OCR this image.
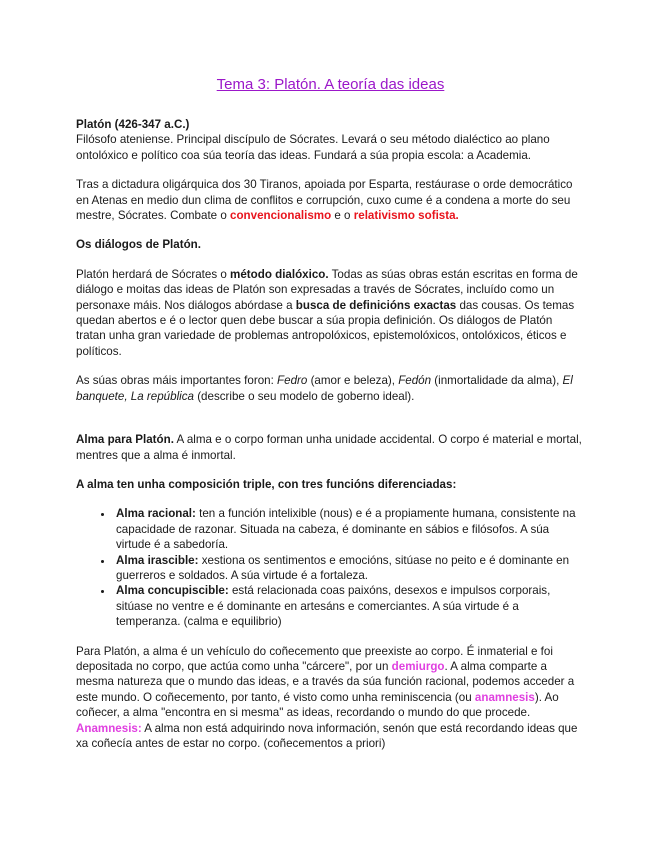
Tema 3: Platón. A teoría das ideas

Platón (426-347 a.C.)
Filósofo ateniense. Principal discípulo de Sócrates. Levará o seu método dialéctico ao plano ontolóxico e político coa súa teoría das ideas. Fundará a súa propia escola: a Academia.

Tras a dictadura oligárquica dos 30 Tiranos, apoiada por Esparta, restáurase o orde democrático en Atenas en medio dun clima de conflitos e corrupción, cuxo cume é a condena a morte do seu mestre, Sócrates. Combate o convencionalismo e o relativismo sofista.

Os diálogos de Platón.

Platón herdará de Sócrates o método dialóxico. Todas as súas obras están escritas en forma de diálogo e moitas das ideas de Platón son expresadas a través de Sócrates, incluído como un personaxe máis. Nos diálogos abórdase a busca de definicións exactas das cousas. Os temas quedan abertos e é o lector quen debe buscar a súa propia definición. Os diálogos de Platón tratan unha gran variedade de problemas antropolóxicos, epistemolóxicos, ontolóxicos, éticos e políticos.

As súas obras máis importantes foron: Fedro (amor e beleza), Fedón (inmortalidade da alma), El banquete, La república (describe o seu modelo de goberno ideal).

Alma para Platón. A alma e o corpo forman unha unidade accidental. O corpo é material e mortal, mentres que a alma é inmortal.

A alma ten unha composición triple, con tres funcións diferenciadas:

• Alma racional: ten a función intelixible (nous) e é a propiamente humana, consistente na capacidade de razonar. Situada na cabeza, é dominante en sábios e filósofos. A súa virtude é a sabedoría.
• Alma irascible: xestiona os sentimentos e emocións, sitúase no peito e é dominante en guerreros e soldados. A súa virtude é a fortaleza.
• Alma concupiscible: está relacionada coas paixóns, desexos e impulsos corporais, sitúase no ventre e é dominante en artesáns e comerciantes. A súa virtude é a temperanza. (calma e equilibrio)

Para Platón, a alma é un vehículo do coñecemento que preexiste ao corpo. É inmaterial e foi depositada no corpo, que actúa como unha "cárcere", por un demiurgo. A alma comparte a mesma natureza que o mundo das ideas, e a través da súa función racional, podemos acceder a este mundo. O coñecemento, por tanto, é visto como unha reminiscencia (ou anamnesis). Ao coñecer, a alma "encontra en si mesma" as ideas, recordando o mundo do que procede.
Anamnesis: A alma non está adquirindo nova información, senón que está recordando ideas que xa coñecía antes de estar no corpo. (coñecementos a priori)
